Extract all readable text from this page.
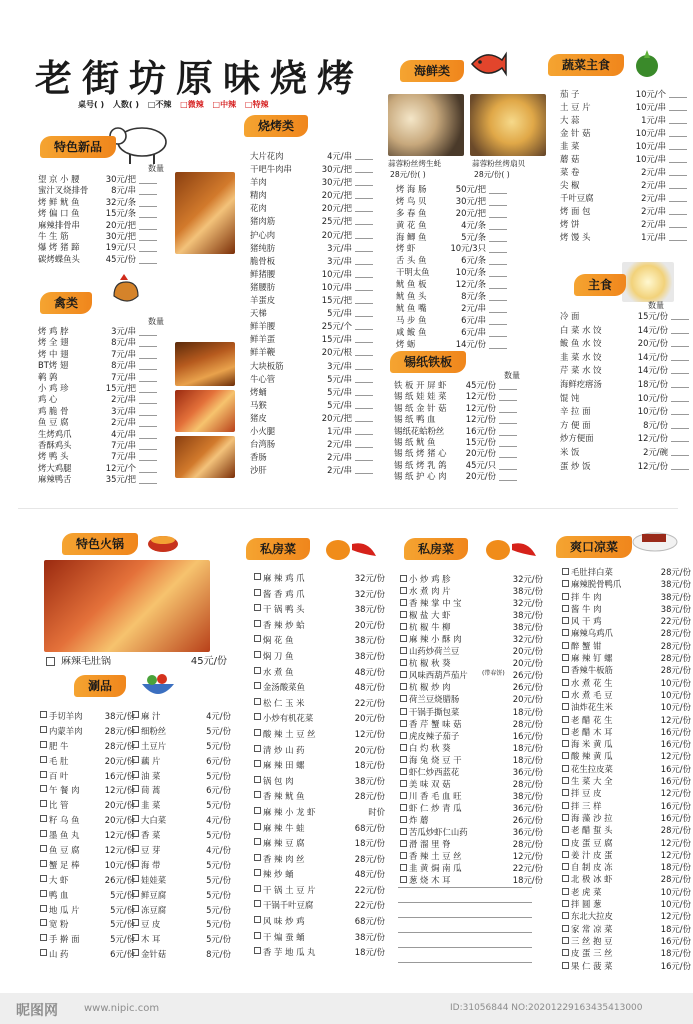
老街坊原味烧烤
桌号( ) 人数( ) □不辣 □微辣 □中辣 □特辣
蒜蓉粉丝烤生蚝
28元/份( )
蒜蓉粉丝烤扇贝
28元/份( )
特色新品
禽类
烧烤类
海鲜类
锡纸铁板
蔬菜主食
主食
特色火锅
涮品
私房菜	私房菜	爽口凉菜
数量
数量
数量
数量
望 京 小 腰	30元/把
蜜汁叉烧排骨	8元/串
烤 鲜 鱿 鱼	32元/条
烤 偏 口 鱼	15元/条
麻辣排骨串	20元/把
牛 生 筋	30元/把
爆 烤 猪 蹄	19元/只
碳烤蝶鱼头	45元/份
烤 鸡 脖	3元/串
烤 全 翅	8元/串
烤 中 翅	7元/串
BT烤 翅	8元/串
鹌 鹑	7元/串
小 鸡 珍	15元/把
鸡 心	2元/串
鸡 脆 骨	3元/串
鱼 豆 腐	2元/串
生烤鸡爪	4元/串
香酥鸡头	7元/串
烤 鸭 头	7元/串
烤大鸡腿	12元/个
麻辣鸭舌	35元/把
大片花肉	4元/串
干吧牛肉串	30元/把
羊肉	30元/把
精肉	20元/把
花肉	20元/把
猪肉筋	25元/把
护心肉	20元/把
猪纯肪	3元/串
脆骨板	3元/串
鲜猪腰	10元/串
猪腰肪	10元/串
羊蛋皮	15元/把
天梯	5元/串
鲜羊腰	25元/个
鲜羊蛋	15元/串
鲜羊鞭	20元/根
大块板筋	3元/串
牛心管	5元/串
烤蛹	5元/串
马猴	5元/串
猪皮	20元/把
小火腿	1元/串
台湾肠	2元/串
香肠	2元/串
沙肝	2元/串
烤 海 肠	50元/把
烤 鸟 贝	30元/把
多 春 鱼	20元/把
黄 花 鱼	4元/条
海 鲫 鱼	5元/条
烤 虾	10元/3只
舌 头 鱼	6元/条
干明太鱼	10元/条
鱿 鱼 板	12元/条
鱿 鱼 头	8元/条
鱿 鱼 嘴	2元/串
马 步 鱼	6元/串
咸 鲅 鱼	6元/串
烤 蛎	14元/份
铁 板 开 屏 虾	45元/份
锡 纸 娃 娃 菜	12元/份
锡 纸 金 针 菇	12元/份
锡 纸 鸭 血	12元/份
锡纸花蛤粉丝	16元/份
锡 纸 鱿 鱼	15元/份
锡 纸 烤 猪 心	20元/份
锡 纸 烤 乳 鸽	45元/只
锡 纸 护 心 肉	20元/份
茄 子	10元/个
土 豆 片	10元/串
大 蒜	1元/串
金 针 菇	10元/串
韭 菜	10元/串
蘑 菇	10元/串
菜 卷	2元/串
尖 椒	2元/串
千叶豆腐	2元/串
烤 面 包	2元/串
烤 饼	2元/串
烤 馒 头	1元/串
冷 面	15元/份
白 菜 水 饺	14元/份
鲅 鱼 水 饺	20元/份
韭 菜 水 饺	14元/份
芹 菜 水 饺	14元/份
海鲜疙瘩汤	18元/份
馄 饨	10元/份
辛 拉 面	10元/份
方 便 面	8元/份
炒方便面	12元/份
米 饭	2元/碗
蛋 炒 饭	12元/份
麻辣毛肚锅	45元/份
手切羊肉	38元/份
内蒙羊肉	28元/份
肥 牛	28元/份
毛 肚	20元/份
百 叶	16元/份
午 餐 肉	12元/份
比 管	20元/份
籽 乌 鱼	20元/份
墨 鱼 丸	12元/份
鱼 豆 腐	12元/份
蟹 足 棒	10元/份
大 虾	26元/份
鸭 血	5元/份
地 瓜 片	5元/份
宽 粉	5元/份
手 擀 面	5元/份
山 药	6元/份
麻 汁	4元/份
细粉丝	5元/份
土豆片	5元/份
藕 片	6元/份
油 菜	5元/份
茼 蒿	6元/份
韭 菜	5元/份
大白菜	4元/份
香 菜	5元/份
豆 芽	4元/份
海 带	5元/份
娃娃菜	5元/份
鲜豆腐	5元/份
冻豆腐	5元/份
豆 皮	5元/份
木 耳	5元/份
金针菇	8元/份
麻 辣 鸡 爪	32元/份
酱 香 鸡 爪	32元/份
干 锅 鸭 头	38元/份
香 辣 炒 蛤	20元/份
焖 花 鱼	38元/份
焖 刀 鱼	38元/份
水 煮 鱼	48元/份
金汤酸菜鱼	48元/份
松 仁 玉 米	22元/份
小炒有机花菜	20元/份
酸 辣 土 豆 丝	12元/份
清 炒 山 药	20元/份
麻 辣 田 螺	18元/份
锅 包 肉	38元/份
香 辣 鱿 鱼	28元/份
麻 辣 小 龙 虾	时价
麻 辣 牛 蛙	68元/份
麻 辣 豆 腐	18元/份
香 辣 肉 丝	28元/份
辣 炒 蛹	48元/份
干 锅 土 豆 片	22元/份
干锅千叶豆腐	22元/份
风 味 炒 鸡	68元/份
干 煸 蚕 蛹	38元/份
香 芋 地 瓜 丸	18元/份
小 炒 鸡 胗	32元/份
水 煮 肉 片	38元/份
香 辣 掌 中 宝	32元/份
椒 盐 大 虾	38元/份
杭 椒 牛 柳	38元/份
麻 辣 小 酥 肉	32元/份
山药炒荷兰豆	20元/份
杭 椒 秋 葵	20元/份
风味西葫芦茄片	26元/份
杭 椒 炒 肉	26元/份
荷兰豆烧腊肠	20元/份
干锅手撕包菜	18元/份
香 芹 蟹 味 菇	28元/份
虎皮辣子茄子	16元/份
白 灼 秋 葵	18元/份
海 兔 烧 豆 干	18元/份
虾仁炒西蓝花	36元/份
美 味 双 菇	28元/份
川 香 毛 血 旺	38元/份
虾 仁 炒 青 瓜	36元/份
炸 蘑	26元/份
苦瓜炒虾仁山药	36元/份
滑 溜 里 脊	28元/份
香 辣 土 豆 丝	12元/份
韭 黄 焗 南 瓜	22元/份
葱 烧 木 耳	18元/份
毛肚拌白菜	28元/份
麻辣脱骨鸭爪	38元/份
拌 牛 肉	38元/份
酱 牛 肉	38元/份
风 干 鸡	22元/份
麻辣乌鸡爪	28元/份
醉 蟹 钳	28元/份
麻 辣 钉 螺	28元/份
香辣牛板筋	28元/份
水 煮 花 生	10元/份
水 煮 毛 豆	10元/份
油炸花生米	10元/份
老 醋 花 生	12元/份
老 醋 木 耳	16元/份
海 米 黄 瓜	16元/份
酸 辣 黄 瓜	12元/份
花生拉皮菜	16元/份
生 菜 大 全	16元/份
拌 豆 皮	12元/份
拌 三 样	16元/份
海 藻 沙 拉	16元/份
老 醋 蜇 头	28元/份
皮 蛋 豆 腐	12元/份
姜 汁 皮 蛋	12元/份
自 制 皮 冻	18元/份
北 极 冰 虾	28元/份
老 虎 菜	10元/份
拌 圆 葱	10元/份
东北大拉皮	12元/份
家 常 凉 菜	18元/份
三 丝 抱 豆	16元/份
皮 蛋 三 丝	18元/份
果 仁 菠 菜	16元/份
(带春饼)
昵图网	www.nipic.com	ID:31056844 NO:20201229163435413000
